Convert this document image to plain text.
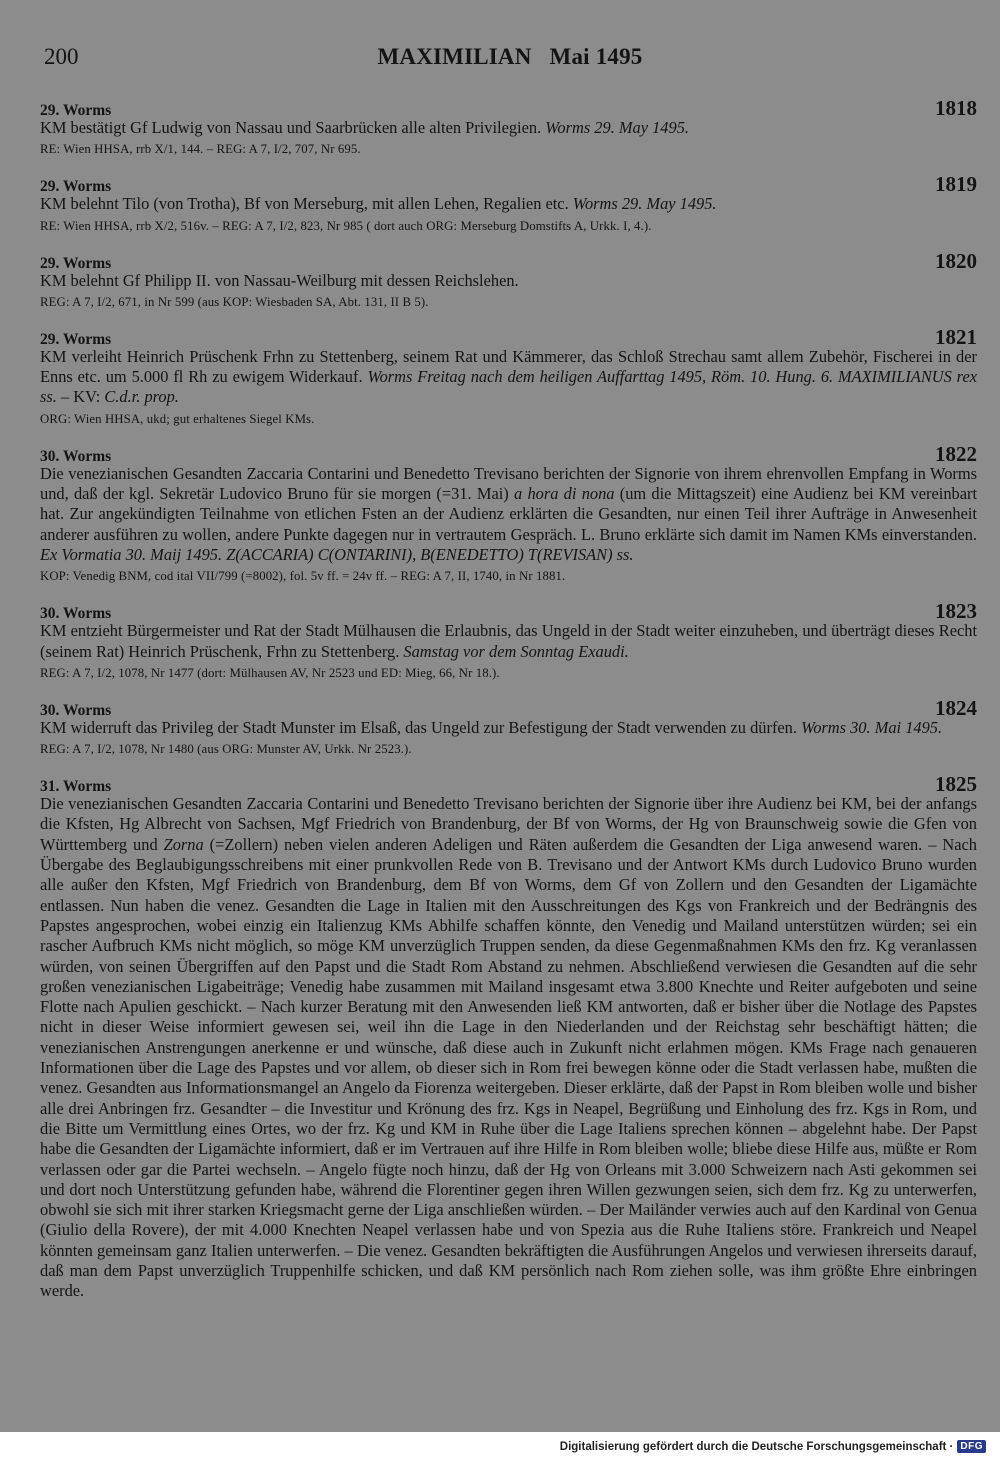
200	MAXIMILIAN Mai 1495
29. Worms	1818
KM bestätigt Gf Ludwig von Nassau und Saarbrücken alle alten Privilegien. Worms 29. May 1495.
RE: Wien HHSA, rrb X/1, 144. – REG: A 7, I/2, 707, Nr 695.
29. Worms	1819
KM belehnt Tilo (von Trotha), Bf von Merseburg, mit allen Lehen, Regalien etc. Worms 29. May 1495.
RE: Wien HHSA, rrb X/2, 516v. – REG: A 7, I/2, 823, Nr 985 ( dort auch ORG: Merseburg Domstifts A, Urkk. I, 4.).
29. Worms	1820
KM belehnt Gf Philipp II. von Nassau-Weilburg mit dessen Reichslehen.
REG: A 7, I/2, 671, in Nr 599 (aus KOP: Wiesbaden SA, Abt. 131, II B 5).
29. Worms	1821
KM verleiht Heinrich Prüschenk Frhn zu Stettenberg, seinem Rat und Kämmerer, das Schloß Strechau samt allem Zubehör, Fischerei in der Enns etc. um 5.000 fl Rh zu ewigem Widerkauf. Worms Freitag nach dem heiligen Auffarttag 1495, Röm. 10. Hung. 6. MAXIMILIANUS rex ss. – KV: C.d.r. prop.
ORG: Wien HHSA, ukd; gut erhaltenes Siegel KMs.
30. Worms	1822
Die venezianischen Gesandten Zaccaria Contarini und Benedetto Trevisano berichten der Signorie von ihrem ehrenvollen Empfang in Worms und, daß der kgl. Sekretär Ludovico Bruno für sie morgen (=31. Mai) a hora di nona (um die Mittagszeit) eine Audienz bei KM vereinbart hat. Zur angekündigten Teilnahme von etlichen Fsten an der Audienz erklärten die Gesandten, nur einen Teil ihrer Aufträge in Anwesenheit anderer ausführen zu wollen, andere Punkte dagegen nur in vertrautem Gespräch. L. Bruno erklärte sich damit im Namen KMs einverstanden. Ex Vormatia 30. Maij 1495. Z(ACCARIA) C(ONTARINI), B(ENEDETTO) T(REVISAN) ss.
KOP: Venedig BNM, cod ital VII/799 (=8002), fol. 5v ff. = 24v ff. – REG: A 7, II, 1740, in Nr 1881.
30. Worms	1823
KM entzieht Bürgermeister und Rat der Stadt Mülhausen die Erlaubnis, das Ungeld in der Stadt weiter einzuheben, und überträgt dieses Recht (seinem Rat) Heinrich Prüschenk, Frhn zu Stettenberg. Samstag vor dem Sonntag Exaudi.
REG: A 7, I/2, 1078, Nr 1477 (dort: Mülhausen AV, Nr 2523 und ED: Mieg, 66, Nr 18.).
30. Worms	1824
KM widerruft das Privileg der Stadt Munster im Elsaß, das Ungeld zur Befestigung der Stadt verwenden zu dürfen. Worms 30. Mai 1495.
REG: A 7, I/2, 1078, Nr 1480 (aus ORG: Munster AV, Urkk. Nr 2523.).
31. Worms	1825
Die venezianischen Gesandten Zaccaria Contarini und Benedetto Trevisano berichten der Signorie über ihre Audienz bei KM, bei der anfangs die Kfsten, Hg Albrecht von Sachsen, Mgf Friedrich von Brandenburg, der Bf von Worms, der Hg von Braunschweig sowie die Gfen von Württemberg und Zorna (=Zollern) neben vielen anderen Adeligen und Räten außerdem die Gesandten der Liga anwesend waren. – Nach Übergabe des Beglaubigungsschreibens mit einer prunkvollen Rede von B. Trevisano und der Antwort KMs durch Ludovico Bruno wurden alle außer den Kfsten, Mgf Friedrich von Brandenburg, dem Bf von Worms, dem Gf von Zollern und den Gesandten der Ligamächte entlassen. Nun haben die venez. Gesandten die Lage in Italien mit den Ausschreitungen des Kgs von Frankreich und der Bedrängnis des Papstes angesprochen, wobei einzig ein Italienzug KMs Abhilfe schaffen könnte, den Venedig und Mailand unterstützen würden; sei ein rascher Aufbruch KMs nicht möglich, so möge KM unverzüglich Truppen senden, da diese Gegenmaßnahmen KMs den frz. Kg veranlassen würden, von seinen Übergriffen auf den Papst und die Stadt Rom Abstand zu nehmen. Abschließend verwiesen die Gesandten auf die sehr großen venezianischen Ligabeiträge; Venedig habe zusammen mit Mailand insgesamt etwa 3.800 Knechte und Reiter aufgeboten und seine Flotte nach Apulien geschickt. – Nach kurzer Beratung mit den Anwesenden ließ KM antworten, daß er bisher über die Notlage des Papstes nicht in dieser Weise informiert gewesen sei, weil ihn die Lage in den Niederlanden und der Reichstag sehr beschäftigt hätten; die venezianischen Anstrengungen anerkenne er und wünsche, daß diese auch in Zukunft nicht erlahmen mögen. KMs Frage nach genaueren Informationen über die Lage des Papstes und vor allem, ob dieser sich in Rom frei bewegen könne oder die Stadt verlassen habe, mußten die venez. Gesandten aus Informationsmangel an Angelo da Fiorenza weitergeben. Dieser erklärte, daß der Papst in Rom bleiben wolle und bisher alle drei Anbringen frz. Gesandter – die Investitur und Krönung des frz. Kgs in Neapel, Begrüßung und Einholung des frz. Kgs in Rom, und die Bitte um Vermittlung eines Ortes, wo der frz. Kg und KM in Ruhe über die Lage Italiens sprechen können – abgelehnt habe. Der Papst habe die Gesandten der Ligamächte informiert, daß er im Vertrauen auf ihre Hilfe in Rom bleiben wolle; bliebe diese Hilfe aus, müßte er Rom verlassen oder gar die Partei wechseln. – Angelo fügte noch hinzu, daß der Hg von Orleans mit 3.000 Schweizern nach Asti gekommen sei und dort noch Unterstützung gefunden habe, während die Florentiner gegen ihren Willen gezwungen seien, sich dem frz. Kg zu unterwerfen, obwohl sie sich mit ihrer starken Kriegsmacht gerne der Liga anschließen würden. – Der Mailänder verwies auch auf den Kardinal von Genua (Giulio della Rovere), der mit 4.000 Knechten Neapel verlassen habe und von Spezia aus die Ruhe Italiens störe. Frankreich und Neapel könnten gemeinsam ganz Italien unterwerfen. – Die venez. Gesandten bekräftigten die Ausführungen Angelos und verwiesen ihrerseits darauf, daß man dem Papst unverzüglich Truppenhilfe schicken, und daß KM persönlich nach Rom ziehen solle, was ihm größte Ehre einbringen werde.
Digitalisierung gefördert durch die Deutsche Forschungsgemeinschaft · DFG
